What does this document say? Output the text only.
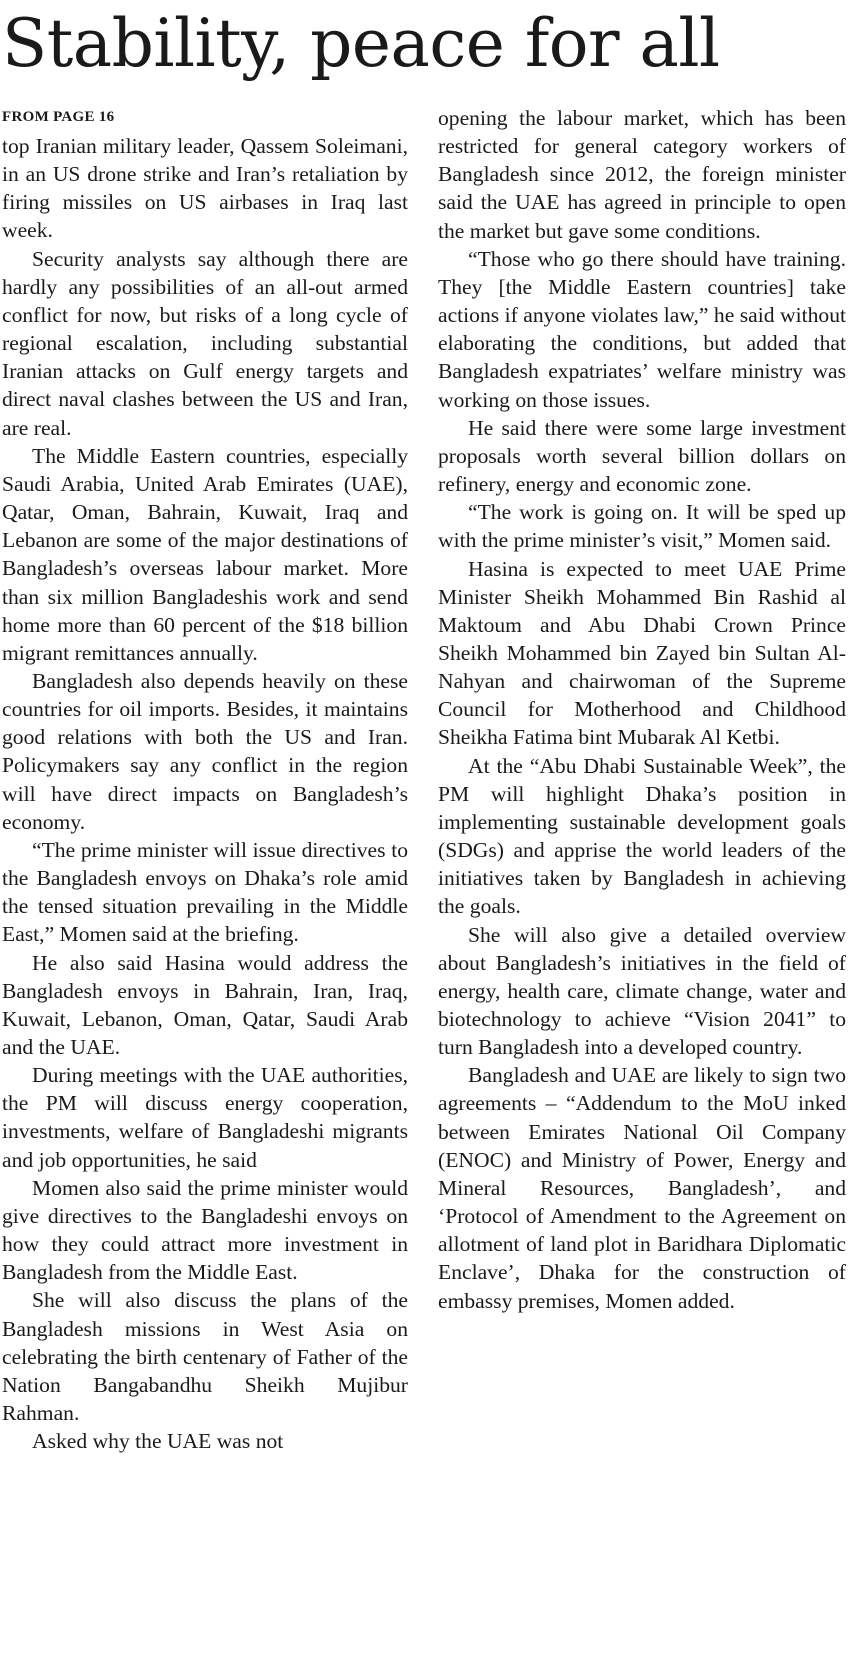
Stability, peace for all
FROM PAGE 16

top Iranian military leader, Qassem Soleimani, in an US drone strike and Iran’s retaliation by firing missiles on US airbases in Iraq last week.

Security analysts say although there are hardly any possibilities of an all-out armed conflict for now, but risks of a long cycle of regional escalation, including substantial Iranian attacks on Gulf energy targets and direct naval clashes between the US and Iran, are real.

The Middle Eastern countries, especially Saudi Arabia, United Arab Emirates (UAE), Qatar, Oman, Bahrain, Kuwait, Iraq and Lebanon are some of the major destinations of Bangladesh’s overseas labour market. More than six million Bangladeshis work and send home more than 60 percent of the $18 billion migrant remittances annually.

Bangladesh also depends heavily on these countries for oil imports. Besides, it maintains good relations with both the US and Iran. Policymakers say any conflict in the region will have direct impacts on Bangladesh’s economy.

“The prime minister will issue directives to the Bangladesh envoys on Dhaka’s role amid the tensed situation prevailing in the Middle East,” Momen said at the briefing.

He also said Hasina would address the Bangladesh envoys in Bahrain, Iran, Iraq, Kuwait, Lebanon, Oman, Qatar, Saudi Arab and the UAE.

During meetings with the UAE authorities, the PM will discuss energy cooperation, investments, welfare of Bangladeshi migrants and job opportunities, he said

Momen also said the prime minister would give directives to the Bangladeshi envoys on how they could attract more investment in Bangladesh from the Middle East.

She will also discuss the plans of the Bangladesh missions in West Asia on celebrating the birth centenary of Father of the Nation Bangabandhu Sheikh Mujibur Rahman.

Asked why the UAE was not

opening the labour market, which has been restricted for general category workers of Bangladesh since 2012, the foreign minister said the UAE has agreed in principle to open the market but gave some conditions.

“Those who go there should have training. They [the Middle Eastern countries] take actions if anyone violates law,” he said without elaborating the conditions, but added that Bangladesh expatriates’ welfare ministry was working on those issues.

He said there were some large investment proposals worth several billion dollars on refinery, energy and economic zone.

“The work is going on. It will be sped up with the prime minister’s visit,” Momen said.

Hasina is expected to meet UAE Prime Minister Sheikh Mohammed Bin Rashid al Maktoum and Abu Dhabi Crown Prince Sheikh Mohammed bin Zayed bin Sultan Al-Nahyan and chairwoman of the Supreme Council for Motherhood and Childhood Sheikha Fatima bint Mubarak Al Ketbi.

At the “Abu Dhabi Sustainable Week”, the PM will highlight Dhaka’s position in implementing sustainable development goals (SDGs) and apprise the world leaders of the initiatives taken by Bangladesh in achieving the goals.

She will also give a detailed overview about Bangladesh’s initiatives in the field of energy, health care, climate change, water and biotechnology to achieve “Vision 2041” to turn Bangladesh into a developed country.

Bangladesh and UAE are likely to sign two agreements – “Addendum to the MoU inked between Emirates National Oil Company (ENOC) and Ministry of Power, Energy and Mineral Resources, Bangladesh’, and ‘Protocol of Amendment to the Agreement on allotment of land plot in Baridhara Diplomatic Enclave’, Dhaka for the construction of embassy premises, Momen added.
